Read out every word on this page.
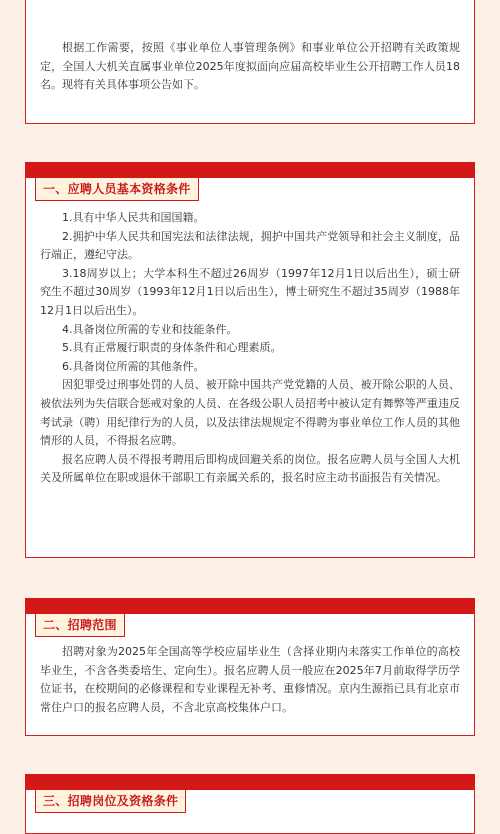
根据工作需要，按照《事业单位人事管理条例》和事业单位公开招聘有关政策规定，全国人大机关直属事业单位2025年度拟面向应届高校毕业生公开招聘工作人员18名。现将有关具体事项公告如下。

一、应聘人员基本资格条件

1.具有中华人民共和国国籍。

2.拥护中华人民共和国宪法和法律法规，拥护中国共产党领导和社会主义制度，品行端正，遵纪守法。

3.18周岁以上；大学本科生不超过26周岁（1997年12月1日以后出生），硕士研究生不超过30周岁（1993年12月1日以后出生），博士研究生不超过35周岁（1988年12月1日以后出生）。

4.具备岗位所需的专业和技能条件。

5.具有正常履行职责的身体条件和心理素质。

6.具备岗位所需的其他条件。

因犯罪受过刑事处罚的人员、被开除中国共产党党籍的人员、被开除公职的人员、被依法列为失信联合惩戒对象的人员、在各级公职人员招考中被认定有舞弊等严重违反考试录（聘）用纪律行为的人员，以及法律法规规定不得聘为事业单位工作人员的其他情形的人员，不得报名应聘。

报名应聘人员不得报考聘用后即构成回避关系的岗位。报名应聘人员与全国人大机关及所属单位在职或退休干部职工有亲属关系的，报名时应主动书面报告有关情况。

二、招聘范围

招聘对象为2025年全国高等学校应届毕业生（含择业期内未落实工作单位的高校毕业生，不含各类委培生、定向生）。报名应聘人员一般应在2025年7月前取得学历学位证书，在校期间的必修课程和专业课程无补考、重修情况。京内生源指已具有北京市常住户口的报名应聘人员，不含北京高校集体户口。

三、招聘岗位及资格条件
